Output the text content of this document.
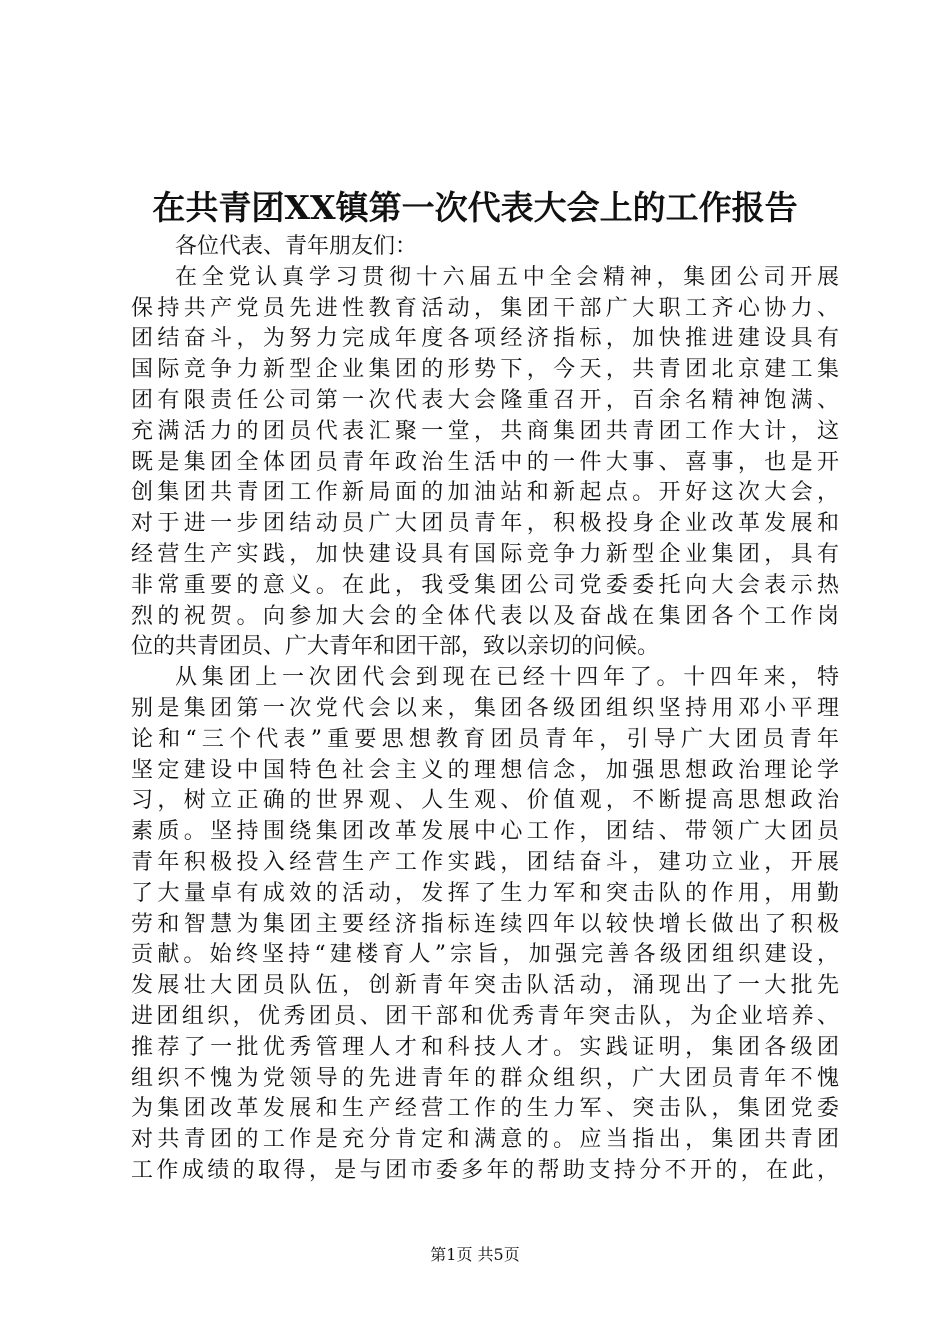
在共青团XX镇第一次代表大会上的工作报告
各位代表、青年朋友们：
在全党认真学习贯彻十六届五中全会精神，集团公司开展
保持共产党员先进性教育活动，集团干部广大职工齐心协力、
团结奋斗，为努力完成年度各项经济指标，加快推进建设具有
国际竞争力新型企业集团的形势下，今天，共青团北京建工集
团有限责任公司第一次代表大会隆重召开，百余名精神饱满、
充满活力的团员代表汇聚一堂，共商集团共青团工作大计，这
既是集团全体团员青年政治生活中的一件大事、喜事，也是开
创集团共青团工作新局面的加油站和新起点。开好这次大会，
对于进一步团结动员广大团员青年，积极投身企业改革发展和
经营生产实践，加快建设具有国际竞争力新型企业集团，具有
非常重要的意义。在此，我受集团公司党委委托向大会表示热
烈的祝贺。向参加大会的全体代表以及奋战在集团各个工作岗
位的共青团员、广大青年和团干部，致以亲切的问候。
从集团上一次团代会到现在已经十四年了。十四年来，特
别是集团第一次党代会以来，集团各级团组织坚持用邓小平理
论和“三个代表”重要思想教育团员青年，引导广大团员青年
坚定建设中国特色社会主义的理想信念，加强思想政治理论学
习，树立正确的世界观、人生观、价值观，不断提高思想政治
素质。坚持围绕集团改革发展中心工作，团结、带领广大团员
青年积极投入经营生产工作实践，团结奋斗，建功立业，开展
了大量卓有成效的活动，发挥了生力军和突击队的作用，用勤
劳和智慧为集团主要经济指标连续四年以较快增长做出了积极
贡献。始终坚持“建楼育人”宗旨，加强完善各级团组织建设，
发展壮大团员队伍，创新青年突击队活动，涌现出了一大批先
进团组织，优秀团员、团干部和优秀青年突击队，为企业培养、
推荐了一批优秀管理人才和科技人才。实践证明，集团各级团
组织不愧为党领导的先进青年的群众组织，广大团员青年不愧
为集团改革发展和生产经营工作的生力军、突击队，集团党委
对共青团的工作是充分肯定和满意的。应当指出，集团共青团
工作成绩的取得，是与团市委多年的帮助支持分不开的，在此，
第1页 共5页
